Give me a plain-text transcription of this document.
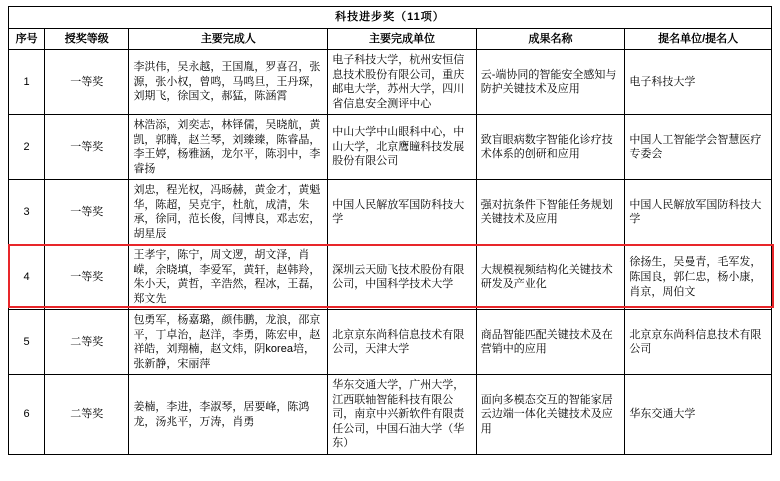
科技进步奖（11项）					
序号	授奖等级	主要完成人	主要完成单位	成果名称	提名单位/提名人
1	一等奖	李洪伟，吴永越，王国胤，罗喜召，张源，张小权，曾鸣，马鸣旦，王丹琛，刘期飞，徐国文，郝猛，陈涵霄	电子科技大学，杭州安恒信息技术股份有限公司，重庆邮电大学，苏州大学，四川省信息安全测评中心	云-端协同的智能安全感知与防护关键技术及应用	电子科技大学
2	一等奖	林浩添，刘奕志，林铎儒，吴晓航，黄凯，郭腾，赵兰琴，刘臻臻，陈睿晶，李王婷，杨雅涵，龙尔平，陈羽中，李睿扬	中山大学中山眼科中心，中山大学，北京鹰瞳科技发展股份有限公司	致盲眼病数字智能化诊疗技术体系的创研和应用	中国人工智能学会智慧医疗专委会
3	一等奖	刘忠，程光权，冯旸赫，黄金才，黄魁华，陈超，吴克宇，杜航，成清，朱承，徐同，范长俊，闫博良，邓志宏，胡星辰	中国人民解放军国防科技大学	强对抗条件下智能任务规划关键技术及应用	中国人民解放军国防科技大学
4	一等奖	王孝宇，陈宁，周文逻，胡文泽，肖嵘，余晓填，李爱军，黄轩，赵韩羚，朱小天，黄哲，辛浩然，程冰，王磊，郑文先	深圳云天励飞技术股份有限公司，中国科学技术大学	大规模视频结构化关键技术研发及产业化	徐扬生，吴曼青，毛军发，陈国良，郭仁忠，杨小康，肖京，周伯文
5	二等奖	包勇军，杨嘉璐，颜伟鹏，龙浪，邵京平，丁卓治，赵洋，李勇，陈宏申，赵祥皓，刘翔楠，赵文炜，阴korea培，张新静，宋丽萍	北京京东尚科信息技术有限公司，天津大学	商品智能匹配关键技术及在营销中的应用	北京京东尚科信息技术有限公司
6	二等奖	姜楠，李进，李淑琴，居要峰，陈鸿龙，汤兆平，万涛，肖勇	华东交通大学，广州大学，江西联轴智能科技有限公司，南京中兴新软件有限责任公司，中国石油大学（华东）	面向多模态交互的智能家居云边端一体化关键技术及应用	华东交通大学
